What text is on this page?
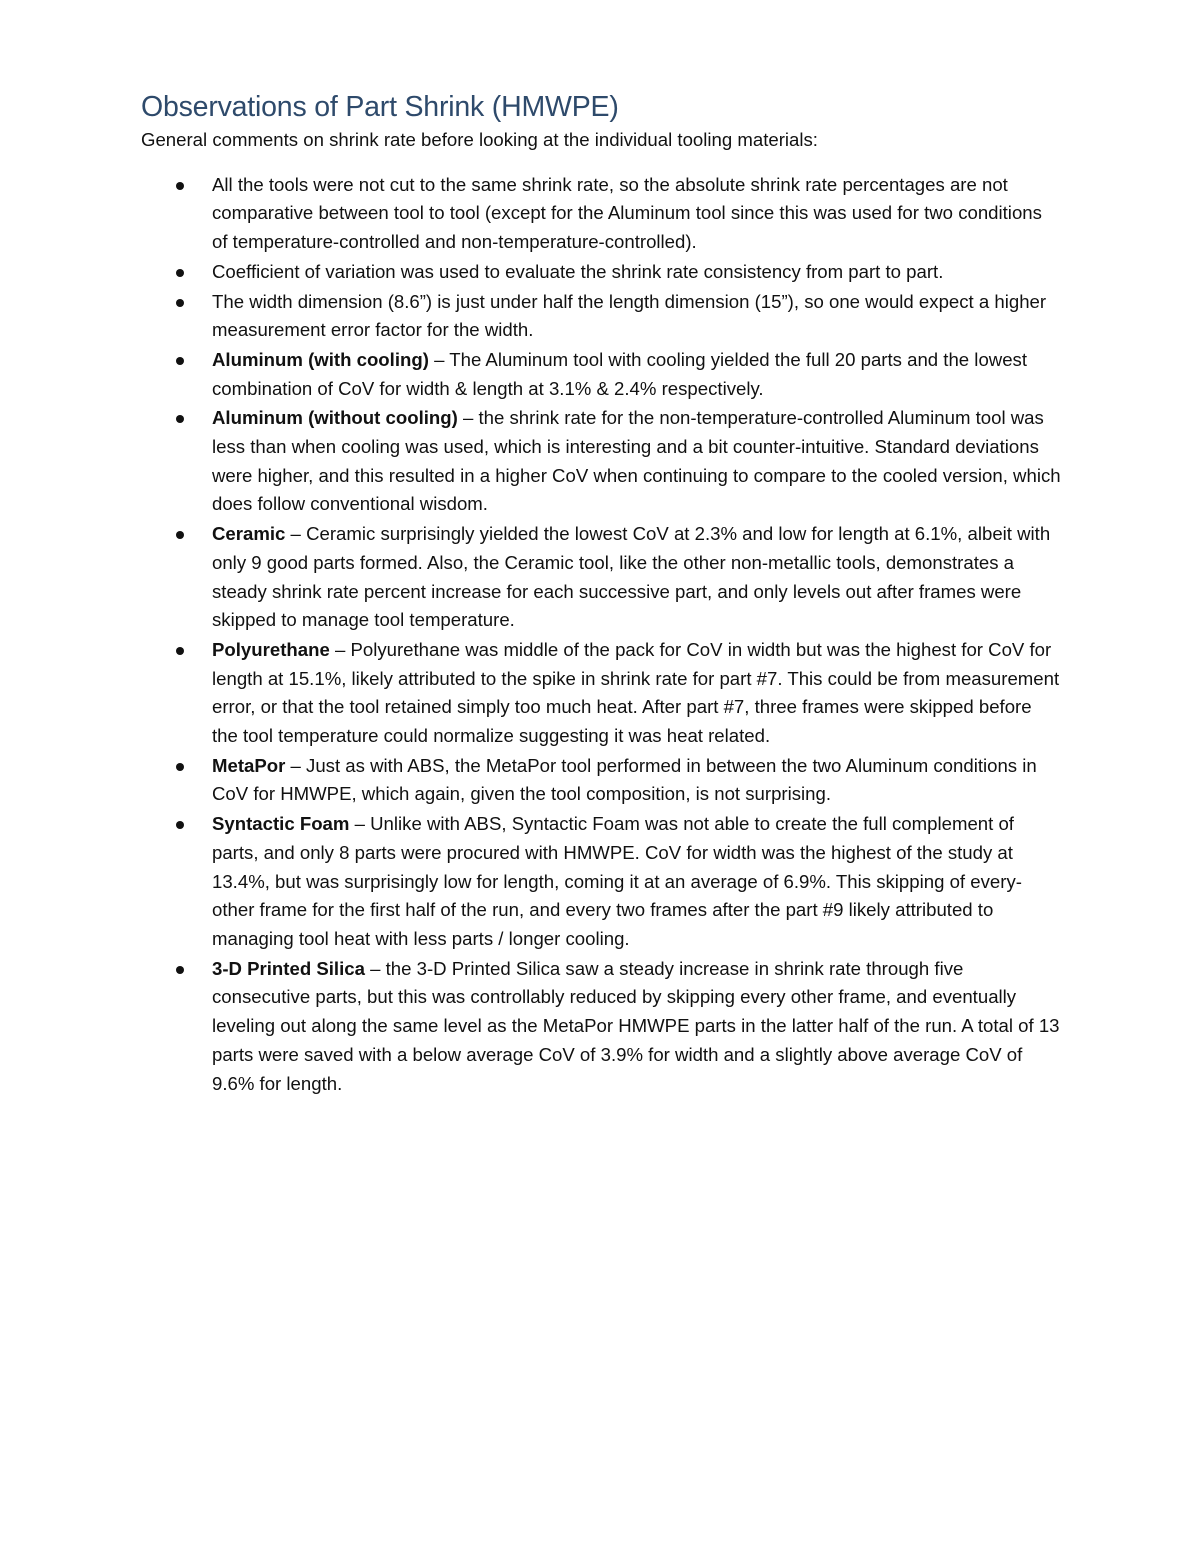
Observations of Part Shrink (HMWPE)

General comments on shrink rate before looking at the individual tooling materials:

All the tools were not cut to the same shrink rate, so the absolute shrink rate percentages are not comparative between tool to tool (except for the Aluminum tool since this was used for two conditions of temperature-controlled and non-temperature-controlled).
Coefficient of variation was used to evaluate the shrink rate consistency from part to part.
The width dimension (8.6”) is just under half the length dimension (15”), so one would expect a higher measurement error factor for the width.
Aluminum (with cooling) – The Aluminum tool with cooling yielded the full 20 parts and the lowest combination of CoV for width & length at 3.1% & 2.4% respectively.
Aluminum (without cooling) – the shrink rate for the non-temperature-controlled Aluminum tool was less than when cooling was used, which is interesting and a bit counter-intuitive. Standard deviations were higher, and this resulted in a higher CoV when continuing to compare to the cooled version, which does follow conventional wisdom.
Ceramic – Ceramic surprisingly yielded the lowest CoV at 2.3% and low for length at 6.1%, albeit with only 9 good parts formed. Also, the Ceramic tool, like the other non-metallic tools, demonstrates a steady shrink rate percent increase for each successive part, and only levels out after frames were skipped to manage tool temperature.
Polyurethane – Polyurethane was middle of the pack for CoV in width but was the highest for CoV for length at 15.1%, likely attributed to the spike in shrink rate for part #7. This could be from measurement error, or that the tool retained simply too much heat. After part #7, three frames were skipped before the tool temperature could normalize suggesting it was heat related.
MetaPor – Just as with ABS, the MetaPor tool performed in between the two Aluminum conditions in CoV for HMWPE, which again, given the tool composition, is not surprising.
Syntactic Foam – Unlike with ABS, Syntactic Foam was not able to create the full complement of parts, and only 8 parts were procured with HMWPE. CoV for width was the highest of the study at 13.4%, but was surprisingly low for length, coming it at an average of 6.9%. This skipping of every-other frame for the first half of the run, and every two frames after the part #9 likely attributed to managing tool heat with less parts / longer cooling.
3-D Printed Silica – the 3-D Printed Silica saw a steady increase in shrink rate through five consecutive parts, but this was controllably reduced by skipping every other frame, and eventually leveling out along the same level as the MetaPor HMWPE parts in the latter half of the run. A total of 13 parts were saved with a below average CoV of 3.9% for width and a slightly above average CoV of 9.6% for length.
